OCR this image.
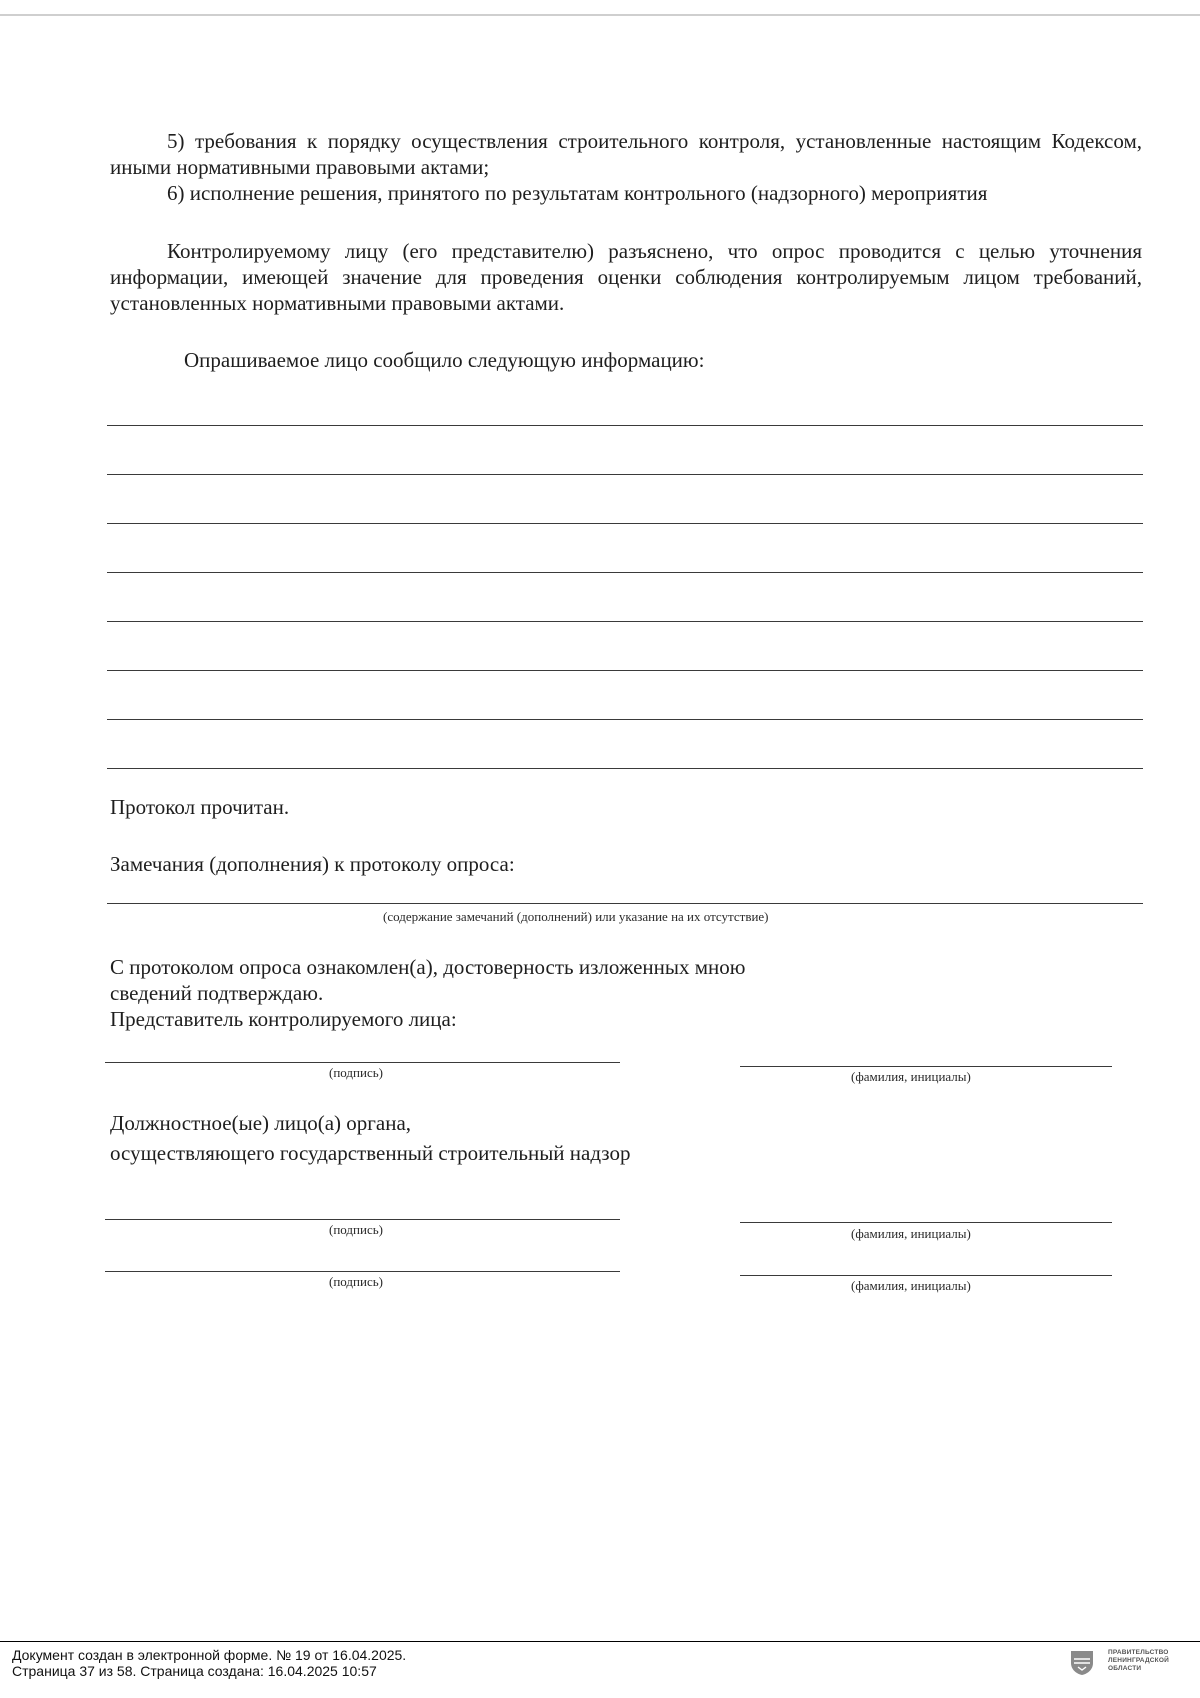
5) требования к порядку осуществления строительного контроля, установленные настоящим Кодексом, иными нормативными правовыми актами;

6) исполнение решения, принятого по результатам контрольного (надзорного) мероприятия

Контролируемому лицу (его представителю) разъяснено, что опрос проводится с целью уточнения информации, имеющей значение для проведения оценки соблюдения контролируемым лицом требований, установленных нормативными правовыми актами.

Опрашиваемое лицо сообщило следующую информацию:
Протокол прочитан.
Замечания (дополнения) к протоколу опроса:
(содержание замечаний (дополнений) или указание на их отсутствие)
С протоколом опроса ознакомлен(а), достоверность изложенных мною
сведений подтверждаю.
Представитель контролируемого лица:
(подпись)	(фамилия, инициалы)
Должностное(ые) лицо(а) органа,
осуществляющего государственный строительный надзор
(подпись)	(фамилия, инициалы)
(подпись)	(фамилия, инициалы)
Документ создан в электронной форме. № 19 от 16.04.2025.
Страница 37 из 58. Страница создана: 16.04.2025 10:57
ПРАВИТЕЛЬСТВО
ЛЕНИНГРАДСКОЙ
ОБЛАСТИ
